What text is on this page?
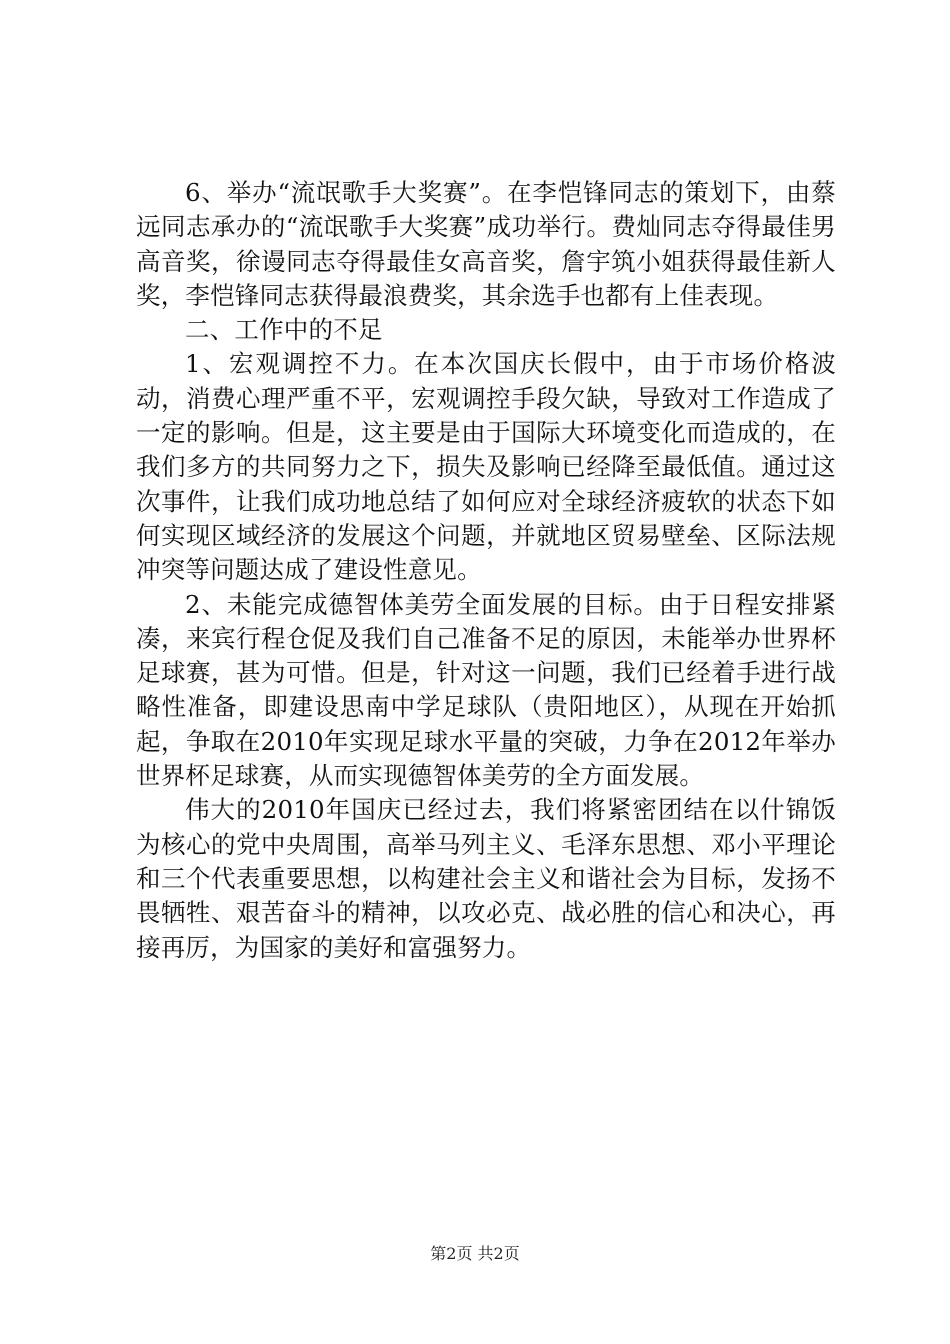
6、举办“流氓歌手大奖赛”。在李恺锋同志的策划下，由蔡远同志承办的“流氓歌手大奖赛”成功举行。费灿同志夺得最佳男高音奖，徐谩同志夺得最佳女高音奖，詹宇筑小姐获得最佳新人奖，李恺锋同志获得最浪费奖，其余选手也都有上佳表现。

二、工作中的不足

1、宏观调控不力。在本次国庆长假中，由于市场价格波动，消费心理严重不平，宏观调控手段欠缺，导致对工作造成了一定的影响。但是，这主要是由于国际大环境变化而造成的，在我们多方的共同努力之下，损失及影响已经降至最低值。通过这次事件，让我们成功地总结了如何应对全球经济疲软的状态下如何实现区域经济的发展这个问题，并就地区贸易壁垒、区际法规冲突等问题达成了建设性意见。

2、未能完成德智体美劳全面发展的目标。由于日程安排紧凑，来宾行程仓促及我们自己准备不足的原因，未能举办世界杯足球赛，甚为可惜。但是，针对这一问题，我们已经着手进行战略性准备，即建设思南中学足球队（贵阳地区），从现在开始抓起，争取在2010年实现足球水平量的突破，力争在2012年举办世界杯足球赛，从而实现德智体美劳的全方面发展。

伟大的2010年国庆已经过去，我们将紧密团结在以什锦饭为核心的党中央周围，高举马列主义、毛泽东思想、邓小平理论和三个代表重要思想，以构建社会主义和谐社会为目标，发扬不畏牺牲、艰苦奋斗的精神，以攻必克、战必胜的信心和决心，再接再厉，为国家的美好和富强努力。

第2页 共2页
